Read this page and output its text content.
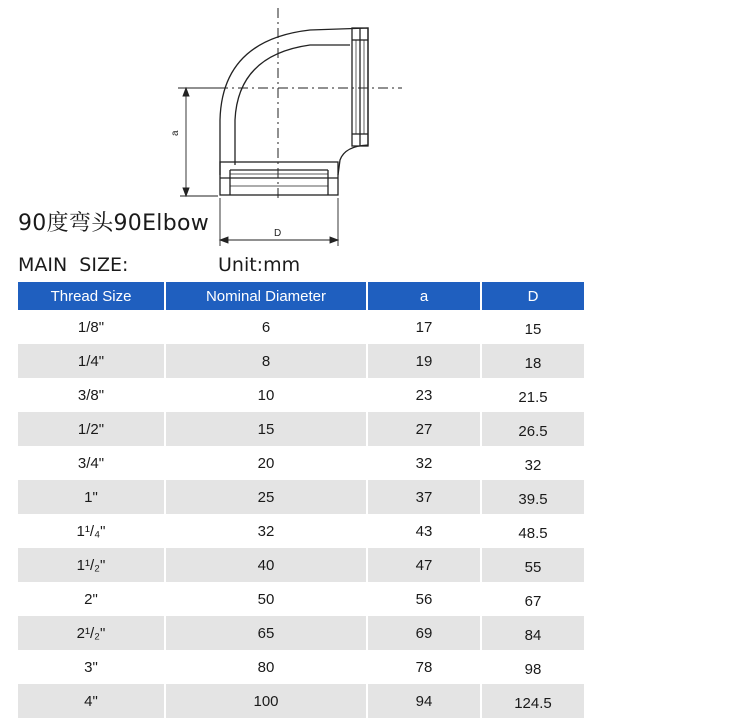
a
D
90度弯头90Elbow
MAIN  SIZE:	Unit:mm
Thread Size	Nominal Diameter	a	D
1/8"	6	17	15
1/4"	8	19	18
3/8"	10	23	21.5
1/2"	15	27	26.5
3/4"	20	32	32
1"	25	37	39.5
1¹/₄"	32	43	48.5
1¹/₂"	40	47	55
2"	50	56	67
2¹/₂"	65	69	84
3"	80	78	98
4"	100	94	124.5
